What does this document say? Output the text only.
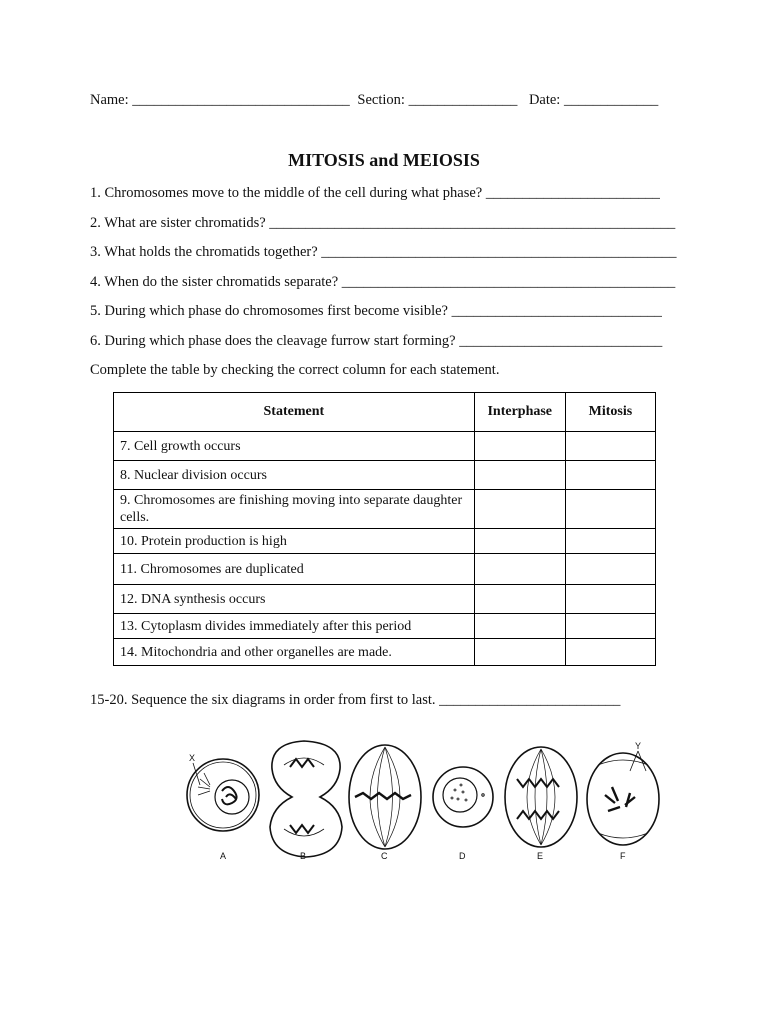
Name: ______________________________ Section: _______________ Date: _____________
MITOSIS and MEIOSIS
1. Chromosomes move to the middle of the cell during what phase? ________________________
2. What are sister chromatids? ________________________________________________________
3. What holds the chromatids together? _________________________________________________
4. When do the sister chromatids separate? ______________________________________________
5. During which phase do chromosomes first become visible? _____________________________
6. During which phase does the cleavage furrow start forming? ____________________________
Complete the table by checking the correct column for each statement.
Statement	Interphase	Mitosis
7. Cell growth occurs		
8. Nuclear division occurs		
9. Chromosomes are finishing moving into separate daughter cells.		
10. Protein production is high		
11. Chromosomes are duplicated		
12. DNA synthesis occurs		
13. Cytoplasm divides immediately after this period		
14. Mitochondria and other organelles are made.		
15-20. Sequence the six diagrams in order from first to last. _________________________
A	B	C	D	E	F
X
Y
